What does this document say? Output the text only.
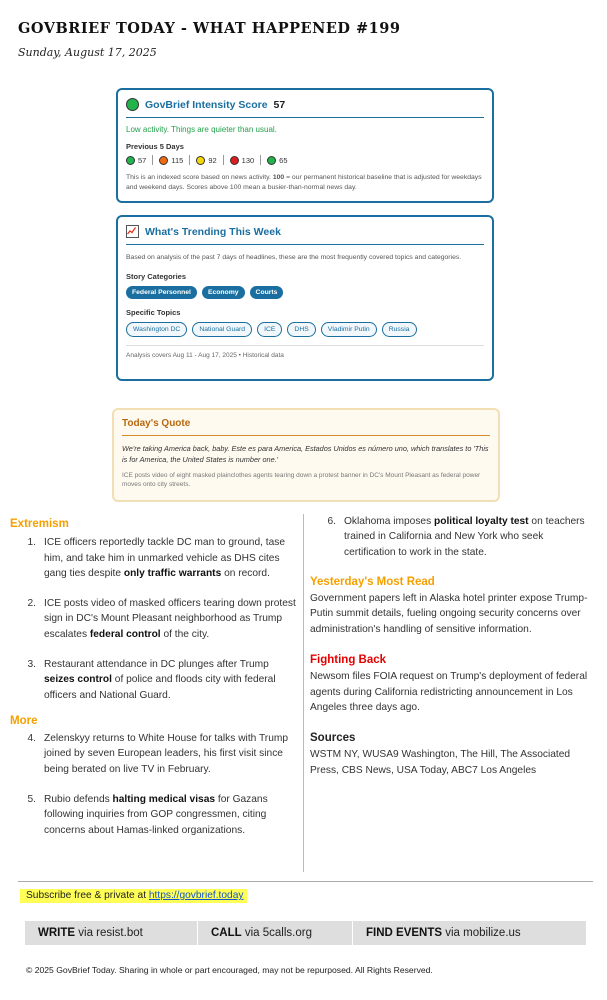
GOVBRIEF TODAY - WHAT HAPPENED #199
Sunday, August 17, 2025
GovBrief Intensity Score 57
Low activity. Things are quieter than usual.
Previous 5 Days
57	115	92	130	65
This is an indexed score based on news activity. 100 = our permanent historical baseline that is adjusted for weekdays and weekend days. Scores above 100 mean a busier-than-normal news day.
What's Trending This Week
Based on analysis of the past 7 days of headlines, these are the most frequently covered topics and categories.
Story Categories
Federal Personnel	Economy	Courts
Specific Topics
Washington DC	National Guard	ICE	DHS	Vladimir Putin	Russia
Analysis covers Aug 11 - Aug 17, 2025 • Historical data
Today's Quote
We're taking America back, baby. Este es para America, Estados Unidos es número uno, which translates to 'This is for America, the United States is number one.'
ICE posts video of eight masked plainclothes agents tearing down a protest banner in DC's Mount Pleasant as federal power moves onto city streets.
Extremism
1. ICE officers reportedly tackle DC man to ground, tase him, and take him in unmarked vehicle as DHS cites gang ties despite only traffic warrants on record.
2. ICE posts video of masked officers tearing down protest sign in DC's Mount Pleasant neighborhood as Trump escalates federal control of the city.
3. Restaurant attendance in DC plunges after Trump seizes control of police and floods city with federal officers and National Guard.
More
4. Zelenskyy returns to White House for talks with Trump joined by seven European leaders, his first visit since being berated on live TV in February.
5. Rubio defends halting medical visas for Gazans following inquiries from GOP congressmen, citing concerns about Hamas-linked organizations.
6. Oklahoma imposes political loyalty test on teachers trained in California and New York who seek certification to work in the state.
Yesterday's Most Read
Government papers left in Alaska hotel printer expose Trump-Putin summit details, fueling ongoing security concerns over administration's handling of sensitive information.
Fighting Back
Newsom files FOIA request on Trump's deployment of federal agents during California redistricting announcement in Los Angeles three days ago.
Sources
WSTM NY, WUSA9 Washington, The Hill, The Associated Press, CBS News, USA Today, ABC7 Los Angeles
Subscribe free & private at https://govbrief.today
WRITE via resist.bot	CALL via 5calls.org	FIND EVENTS via mobilize.us
© 2025 GovBrief Today. Sharing in whole or part encouraged, may not be repurposed. All Rights Reserved.
